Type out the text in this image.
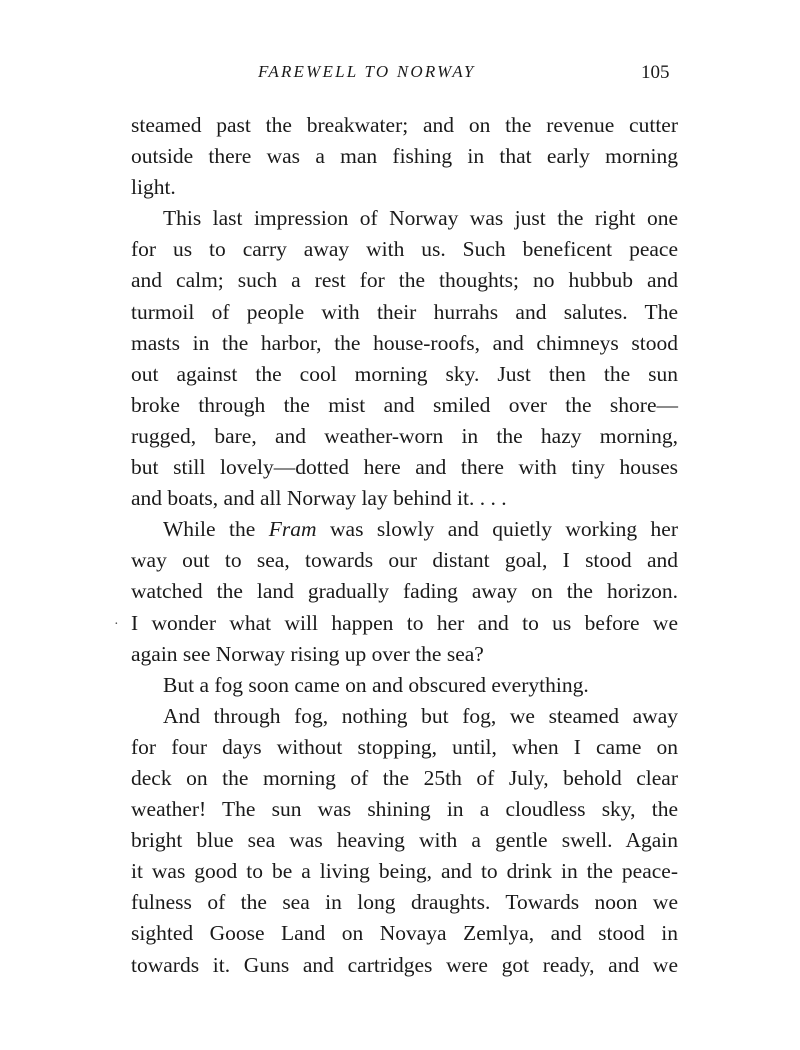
FAREWELL TO NORWAY	105
·
steamed past the breakwater; and on the revenue cutter
outside there was a man fishing in that early morning
light.
This last impression of Norway was just the right one
for us to carry away with us. Such beneficent peace
and calm; such a rest for the thoughts; no hubbub and
turmoil of people with their hurrahs and salutes. The
masts in the harbor, the house-roofs, and chimneys stood
out against the cool morning sky. Just then the sun
broke through the mist and smiled over the shore—
rugged, bare, and weather-worn in the hazy morning,
but still lovely—dotted here and there with tiny houses
and boats, and all Norway lay behind it. . . .
While the Fram was slowly and quietly working her
way out to sea, towards our distant goal, I stood and
watched the land gradually fading away on the horizon.
I wonder what will happen to her and to us before we
again see Norway rising up over the sea?
But a fog soon came on and obscured everything.
And through fog, nothing but fog, we steamed away
for four days without stopping, until, when I came on
deck on the morning of the 25th of July, behold clear
weather! The sun was shining in a cloudless sky, the
bright blue sea was heaving with a gentle swell. Again
it was good to be a living being, and to drink in the peace-
fulness of the sea in long draughts. Towards noon we
sighted Goose Land on Novaya Zemlya, and stood in
towards it. Guns and cartridges were got ready, and we
